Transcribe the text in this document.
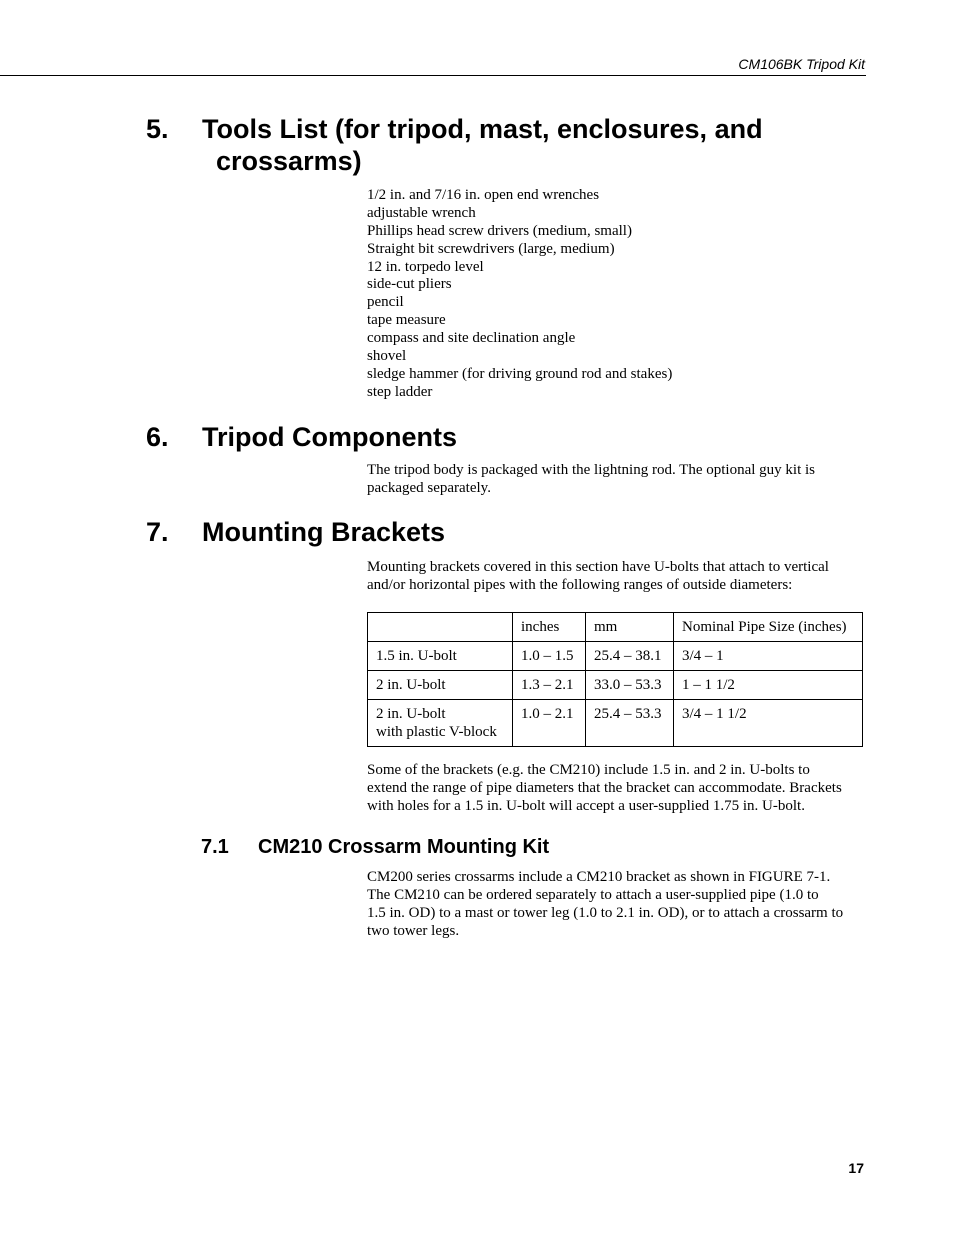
CM106BK Tripod Kit
5. Tools List (for tripod, mast, enclosures, and
crossarms)
1/2 in. and 7/16 in. open end wrenches
adjustable wrench
Phillips head screw drivers (medium, small)
Straight bit screwdrivers (large, medium)
12 in. torpedo level
side-cut pliers
pencil
tape measure
compass and site declination angle
shovel
sledge hammer (for driving ground rod and stakes)
step ladder
6. Tripod Components

The tripod body is packaged with the lightning rod. The optional guy kit is

packaged separately.

7. Mounting Brackets

Mounting brackets covered in this section have U-bolts that attach to vertical

and/or horizontal pipes with the following ranges of outside diameters:

	inches	mm	Nominal Pipe Size (inches)
1.5 in. U-bolt	1.0 – 1.5	25.4 – 38.1	3/4 – 1
2 in. U-bolt	1.3 – 2.1	33.0 – 53.3	1 – 1 1/2

2 in. U-bolt
with plastic V-block	1.0 – 2.1	25.4 – 53.3	3/4 – 1 1/2

Some of the brackets (e.g. the CM210) include 1.5 in. and 2 in. U-bolts to

extend the range of pipe diameters that the bracket can accommodate. Brackets

with holes for a 1.5 in. U-bolt will accept a user-supplied 1.75 in. U-bolt.

7.1 CM210 Crossarm Mounting Kit

CM200 series crossarms include a CM210 bracket as shown in FIGURE 7-1.

The CM210 can be ordered separately to attach a user-supplied pipe (1.0 to

1.5 in. OD) to a mast or tower leg (1.0 to 2.1 in. OD), or to attach a crossarm to

two tower legs.

17
